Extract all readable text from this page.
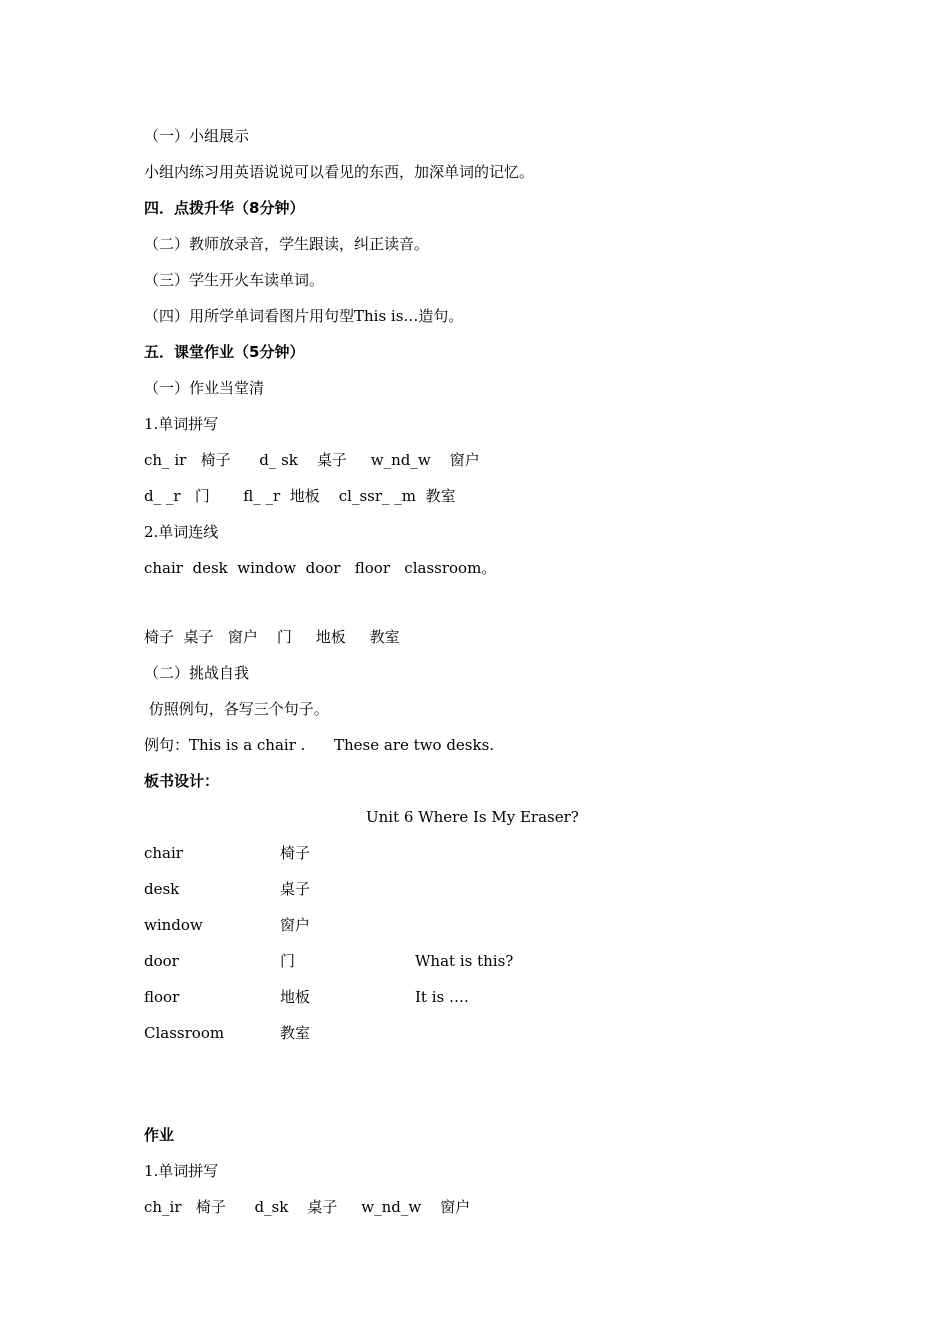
（一）小组展示
小组内练习用英语说说可以看见的东西，加深单词的记忆。
四．点拨升华（8分钟）
（二）教师放录音，学生跟读，纠正读音。
（三）学生开火车读单词。
（四）用所学单词看图片用句型This is…造句。
五．课堂作业（5分钟）
（一）作业当堂清
1.单词拼写
ch_ ir   椅子      d_ sk    桌子     w_nd_w    窗户
d_ _r   门       fl_ _r  地板    cl_ssr_ _m  教室
2.单词连线
chair  desk  window  door   floor   classroom。
椅子  桌子   窗户    门     地板     教室
（二）挑战自我
仿照例句，各写三个句子。
例句：This is a chair .      These are two desks.
板书设计：
Unit 6 Where Is My Eraser?
chair	椅子
desk	桌子
window	窗户
door	门	What is this?
floor	地板	It is ….
Classroom	教室
作业
1.单词拼写
ch_ir   椅子      d_sk    桌子     w_nd_w    窗户
